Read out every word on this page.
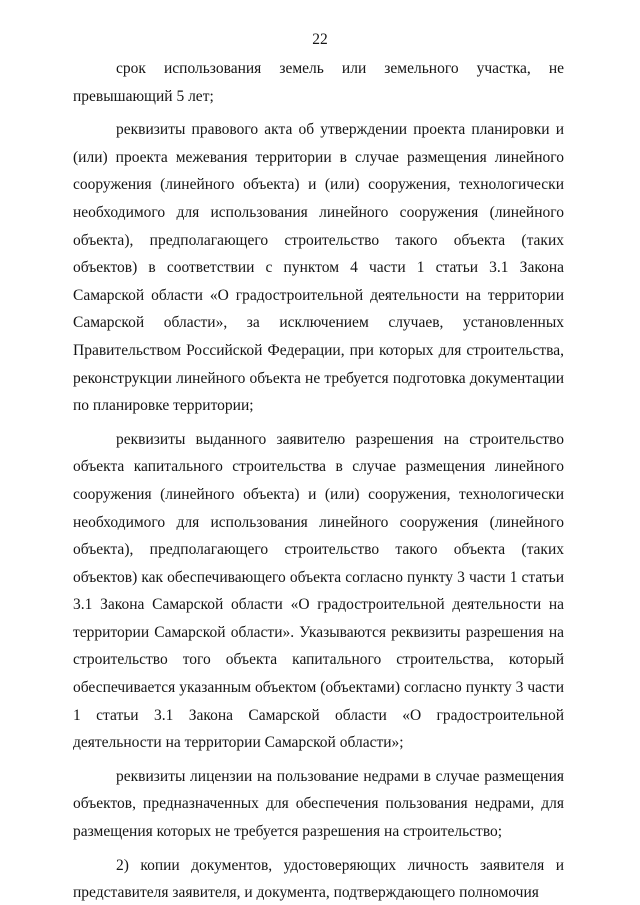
22

срок использования земель или земельного участка, не превышающий 5 лет;

реквизиты правового акта об утверждении проекта планировки и (или) проекта межевания территории в случае размещения линейного сооружения (линейного объекта) и (или) сооружения, технологически необходимого для использования линейного сооружения (линейного объекта), предполагающего строительство такого объекта (таких объектов) в соответствии с пунктом 4 части 1 статьи 3.1 Закона Самарской области «О градостроительной деятельности на территории Самарской области», за исключением случаев, установленных Правительством Российской Федерации, при которых для строительства, реконструкции линейного объекта не требуется подготовка документации по планировке территории;

реквизиты выданного заявителю разрешения на строительство объекта капитального строительства в случае размещения линейного сооружения (линейного объекта) и (или) сооружения, технологически необходимого для использования линейного сооружения (линейного объекта), предполагающего строительство такого объекта (таких объектов) как обеспечивающего объекта согласно пункту 3 части 1 статьи 3.1 Закона Самарской области «О градостроительной деятельности на территории Самарской области». Указываются реквизиты разрешения на строительство того объекта капитального строительства, который обеспечивается указанным объектом (объектами) согласно пункту 3 части 1 статьи 3.1 Закона Самарской области «О градостроительной деятельности на территории Самарской области»;

реквизиты лицензии на пользование недрами в случае размещения объектов, предназначенных для обеспечения пользования недрами, для размещения которых не требуется разрешения на строительство;

2) копии документов, удостоверяющих личность заявителя и представителя заявителя, и документа, подтверждающего полномочия
